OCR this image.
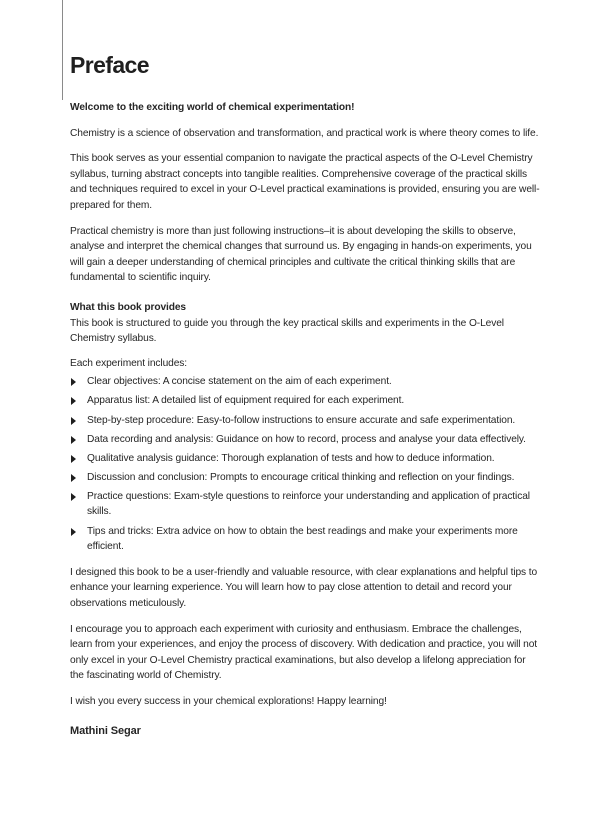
Preface

Welcome to the exciting world of chemical experimentation!

Chemistry is a science of observation and transformation, and practical work is where theory comes to life.

This book serves as your essential companion to navigate the practical aspects of the O-Level Chemistry syllabus, turning abstract concepts into tangible realities. Comprehensive coverage of the practical skills and techniques required to excel in your O-Level practical examinations is provided, ensuring you are well-prepared for them.

Practical chemistry is more than just following instructions–it is about developing the skills to observe, analyse and interpret the chemical changes that surround us. By engaging in hands-on experiments, you will gain a deeper understanding of chemical principles and cultivate the critical thinking skills that are fundamental to scientific inquiry.

What this book provides

This book is structured to guide you through the key practical skills and experiments in the O-Level Chemistry syllabus.

Each experiment includes:

Clear objectives: A concise statement on the aim of each experiment.
Apparatus list: A detailed list of equipment required for each experiment.
Step-by-step procedure: Easy-to-follow instructions to ensure accurate and safe experimentation.
Data recording and analysis: Guidance on how to record, process and analyse your data effectively.
Qualitative analysis guidance: Thorough explanation of tests and how to deduce information.
Discussion and conclusion: Prompts to encourage critical thinking and reflection on your findings.
Practice questions: Exam-style questions to reinforce your understanding and application of practical skills.
Tips and tricks: Extra advice on how to obtain the best readings and make your experiments more efficient.

I designed this book to be a user-friendly and valuable resource, with clear explanations and helpful tips to enhance your learning experience. You will learn how to pay close attention to detail and record your observations meticulously.

I encourage you to approach each experiment with curiosity and enthusiasm. Embrace the challenges, learn from your experiences, and enjoy the process of discovery. With dedication and practice, you will not only excel in your O-Level Chemistry practical examinations, but also develop a lifelong appreciation for the fascinating world of Chemistry.

I wish you every success in your chemical explorations! Happy learning!

Mathini Segar
